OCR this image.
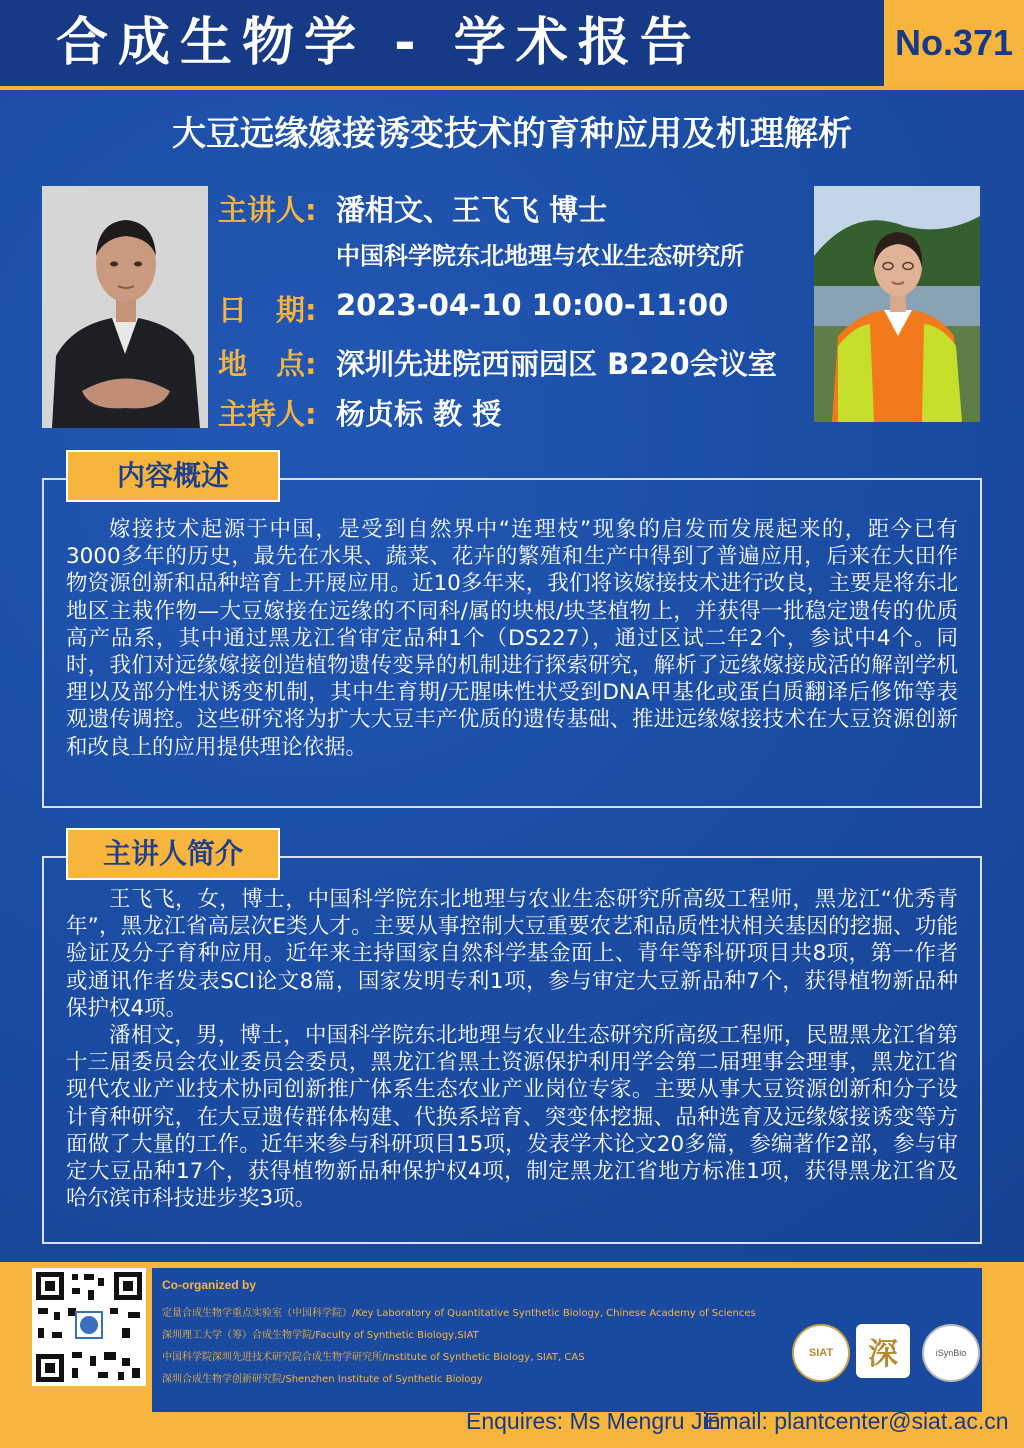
合成生物学 - 学术报告	No.371
大豆远缘嫁接诱变技术的育种应用及机理解析
主讲人: 潘相文、王飞飞 博士
中国科学院东北地理与农业生态研究所
日　期: 2023-04-10 10:00-11:00
地　点: 深圳先进院西丽园区 B220会议室
主持人: 杨贞标 教 授

嫁接技术起源于中国，是受到自然界中“连理枝”现象的启发而发展起来的，距今已有3000多年的历史，最先在水果、蔬菜、花卉的繁殖和生产中得到了普遍应用，后来在大田作物资源创新和品种培育上开展应用。近10多年来，我们将该嫁接技术进行改良，主要是将东北地区主栽作物—大豆嫁接在远缘的不同科/属的块根/块茎植物上，并获得一批稳定遗传的优质高产品系，其中通过黑龙江省审定品种1个（DS227），通过区试二年2个，参试中4个。同时，我们对远缘嫁接创造植物遗传变异的机制进行探索研究，解析了远缘嫁接成活的解剖学机理以及部分性状诱变机制，其中生育期/无腥味性状受到DNA甲基化或蛋白质翻译后修饰等表观遗传调控。这些研究将为扩大大豆丰产优质的遗传基础、推进远缘嫁接技术在大豆资源创新和改良上的应用提供理论依据。

内容概述

王飞飞，女，博士，中国科学院东北地理与农业生态研究所高级工程师，黑龙江“优秀青年”，黑龙江省高层次E类人才。主要从事控制大豆重要农艺和品质性状相关基因的挖掘、功能验证及分子育种应用。近年来主持国家自然科学基金面上、青年等科研项目共8项，第一作者或通讯作者发表SCI论文8篇，国家发明专利1项，参与审定大豆新品种7个，获得植物新品种保护权4项。

潘相文，男，博士，中国科学院东北地理与农业生态研究所高级工程师，民盟黑龙江省第十三届委员会农业委员会委员，黑龙江省黑土资源保护利用学会第二届理事会理事，黑龙江省现代农业产业技术协同创新推广体系生态农业产业岗位专家。主要从事大豆资源创新和分子设计育种研究，在大豆遗传群体构建、代换系培育、突变体挖掘、品种选育及远缘嫁接诱变等方面做了大量的工作。近年来参与科研项目15项，发表学术论文20多篇，参编著作2部，参与审定大豆品种17个，获得植物新品种保护权4项，制定黑龙江省地方标准1项，获得黑龙江省及哈尔滨市科技进步奖3项。

主讲人简介
Co-organized by
定量合成生物学重点实验室（中国科学院）/Key Laboratory of Quantitative Synthetic Biology, Chinese Academy of Sciences
深圳理工大学（筹）合成生物学院/Faculty of Synthetic Biology,SIAT
中国科学院深圳先进技术研究院合成生物学研究所/Institute of Synthetic Biology, SIAT, CAS
深圳合成生物学创新研究院/Shenzhen Institute of Synthetic Biology
SIAT 深	iSynBio
Enquires: Ms Mengru Jin
Email: plantcenter@siat.ac.cn
